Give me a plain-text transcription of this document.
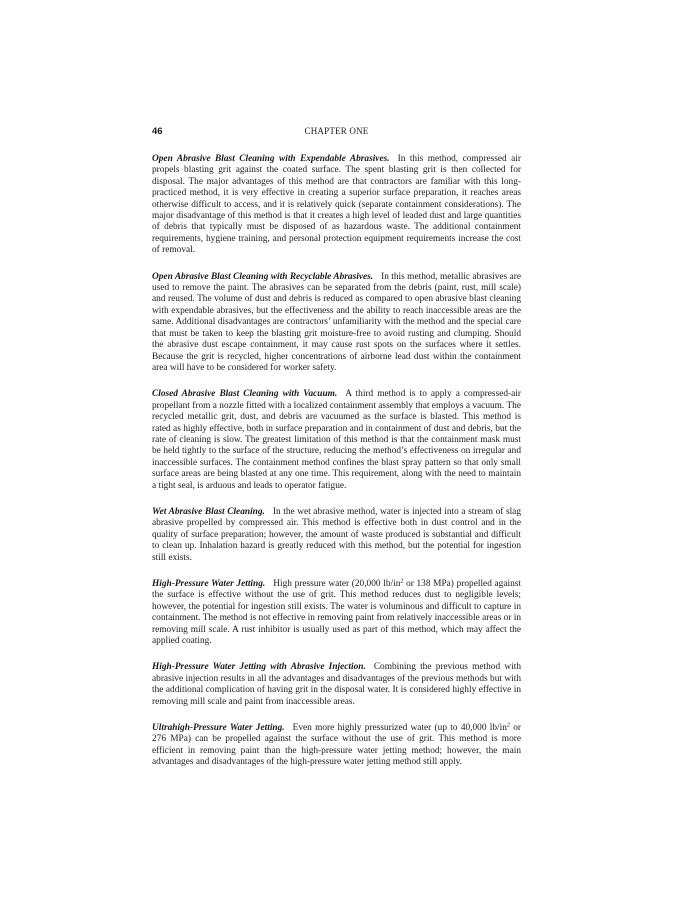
46	CHAPTER ONE

Open Abrasive Blast Cleaning with Expendable Abrasives. In this method, compressed air propels blasting grit against the coated surface. The spent blasting grit is then collected for disposal. The major advantages of this method are that contractors are familiar with this long-practiced method, it is very effective in creating a superior surface preparation, it reaches areas otherwise difficult to access, and it is relatively quick (separate containment considerations). The major disadvantage of this method is that it creates a high level of leaded dust and large quantities of debris that typically must be disposed of as hazardous waste. The additional containment requirements, hygiene training, and personal protection equipment requirements increase the cost of removal.

Open Abrasive Blast Cleaning with Recyclable Abrasives. In this method, metallic abrasives are used to remove the paint. The abrasives can be separated from the debris (paint, rust, mill scale) and reused. The volume of dust and debris is reduced as compared to open abrasive blast cleaning with expendable abrasives, but the effectiveness and the ability to reach inaccessible areas are the same. Additional disadvantages are contractors’ unfamiliarity with the method and the special care that must be taken to keep the blasting grit moisture-free to avoid rusting and clumping. Should the abrasive dust escape containment, it may cause rust spots on the surfaces where it settles. Because the grit is recycled, higher concentrations of airborne lead dust within the containment area will have to be considered for worker safety.

Closed Abrasive Blast Cleaning with Vacuum. A third method is to apply a compressed-air propellant from a nozzle fitted with a localized containment assembly that employs a vacuum. The recycled metallic grit, dust, and debris are vacuumed as the surface is blasted. This method is rated as highly effective, both in surface preparation and in containment of dust and debris, but the rate of cleaning is slow. The greatest limitation of this method is that the containment mask must be held tightly to the surface of the structure, reducing the method’s effectiveness on irregular and inaccessible surfaces. The containment method confines the blast spray pattern so that only small surface areas are being blasted at any one time. This requirement, along with the need to maintain a tight seal, is arduous and leads to operator fatigue.

Wet Abrasive Blast Cleaning. In the wet abrasive method, water is injected into a stream of slag abrasive propelled by compressed air. This method is effective both in dust control and in the quality of surface preparation; however, the amount of waste produced is substantial and difficult to clean up. Inhalation hazard is greatly reduced with this method, but the potential for ingestion still exists.

High-Pressure Water Jetting. High pressure water (20,000 $lb/in^2$ or 138 MPa) propelled against the surface is effective without the use of grit. This method reduces dust to negligible levels; however, the potential for ingestion still exists. The water is voluminous and difficult to capture in containment. The method is not effective in removing paint from relatively inaccessible areas or in removing mill scale. A rust inhibitor is usually used as part of this method, which may affect the applied coating.

High-Pressure Water Jetting with Abrasive Injection. Combining the previous method with abrasive injection results in all the advantages and disadvantages of the previous methods but with the additional complication of having grit in the disposal water. It is considered highly effective in removing mill scale and paint from inaccessible areas.

Ultrahigh-Pressure Water Jetting. Even more highly pressurized water (up to 40,000 $lb/in^2$ or 276 MPa) can be propelled against the surface without the use of grit. This method is more efficient in removing paint than the high-pressure water jetting method; however, the main advantages and disadvantages of the high-pressure water jetting method still apply.
